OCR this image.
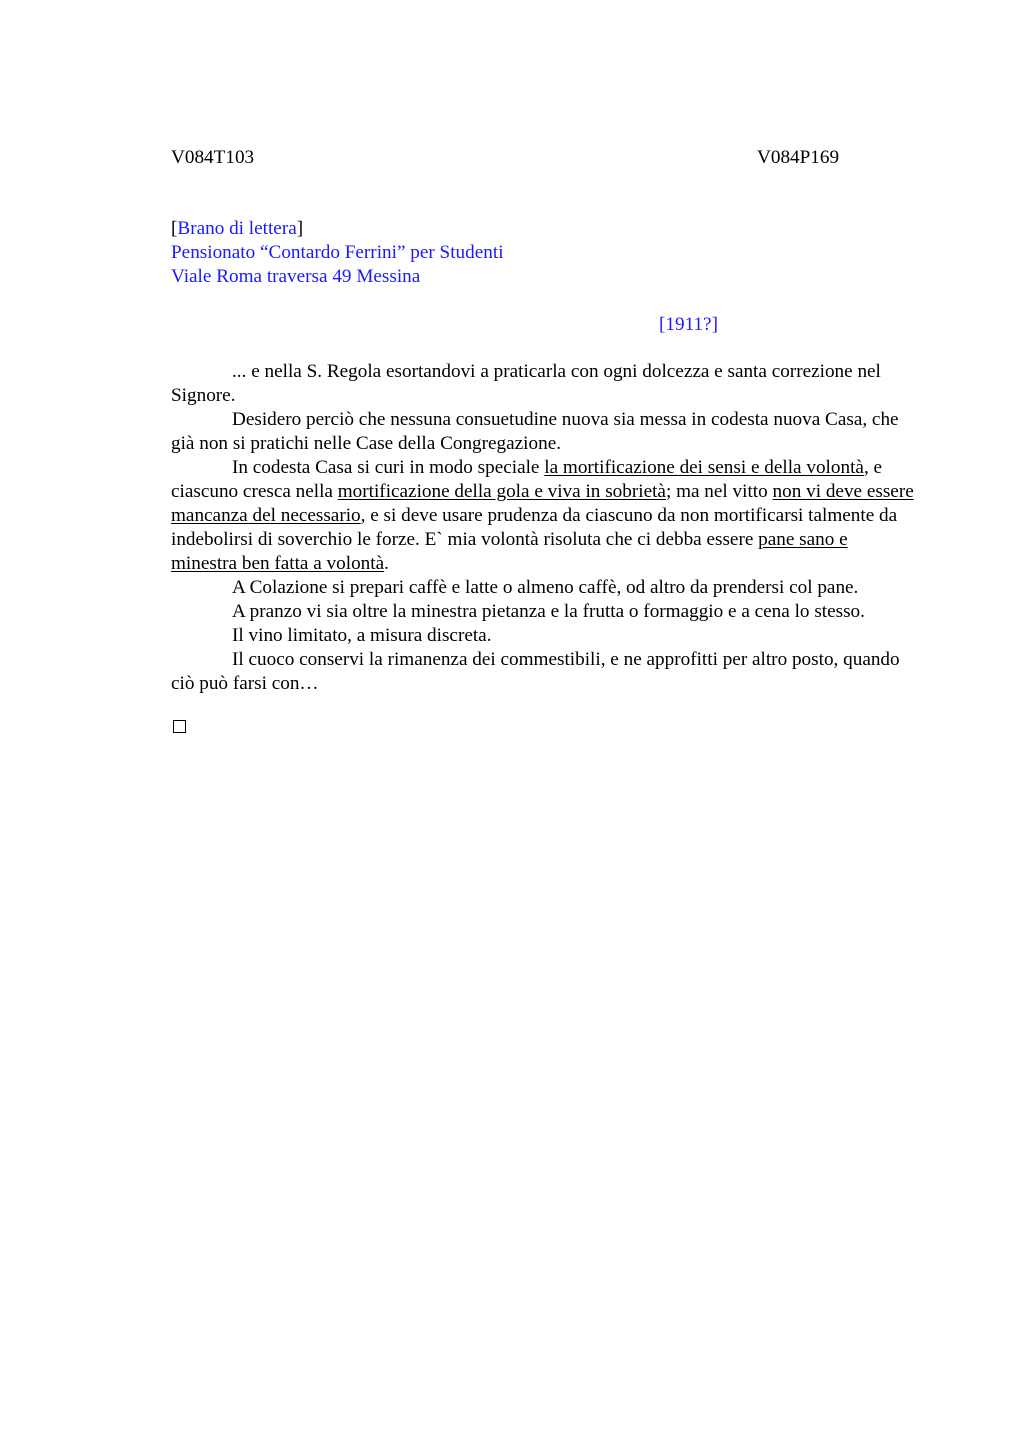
V084T103	V084P169
[Brano di lettera]
Pensionato “Contardo Ferrini” per Studenti
Viale Roma traversa 49 Messina
[1911?]

... e nella S. Regola esortandovi a praticarla con ogni dolcezza e santa correzione nel Signore.

Desidero perciò che nessuna consuetudine nuova sia messa in codesta nuova Casa, che già non si pratichi nelle Case della Congregazione.

In codesta Casa si curi in modo speciale la mortificazione dei sensi e della volontà, e ciascuno cresca nella mortificazione della gola e viva in sobrietà; ma nel vitto non vi deve essere mancanza del necessario, e si deve usare prudenza da ciascuno da non mortificarsi talmente da indebolirsi di soverchio le forze. E` mia volontà risoluta che ci debba essere pane sano e minestra ben fatta a volontà.

A Colazione si prepari caffè e latte o almeno caffè, od altro da prendersi col pane.

A pranzo vi sia oltre la minestra pietanza e la frutta o formaggio e a cena lo stesso.

Il vino limitato, a misura discreta.

Il cuoco conservi la rimanenza dei commestibili, e ne approfitti per altro posto, quando ciò può farsi con…
